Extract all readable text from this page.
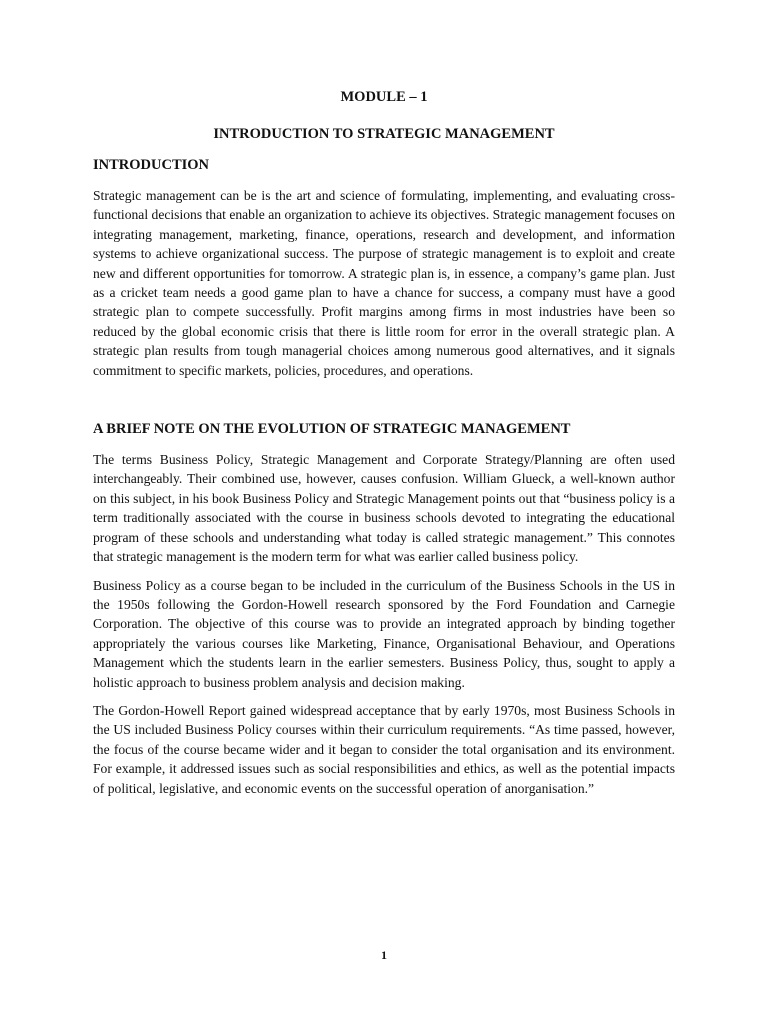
MODULE – 1
INTRODUCTION TO STRATEGIC MANAGEMENT
INTRODUCTION

Strategic management can be is the art and science of formulating, implementing, and evaluating cross-functional decisions that enable an organization to achieve its objectives. Strategic management focuses on integrating management, marketing, finance, operations, research and development, and information systems to achieve organizational success. The purpose of strategic management is to exploit and create new and different opportunities for tomorrow. A strategic plan is, in essence, a company’s game plan. Just as a cricket team needs a good game plan to have a chance for success, a company must have a good strategic plan to compete successfully. Profit margins among firms in most industries have been so reduced by the global economic crisis that there is little room for error in the overall strategic plan. A strategic plan results from tough managerial choices among numerous good alternatives, and it signals commitment to specific markets, policies, procedures, and operations.

A BRIEF NOTE ON THE EVOLUTION OF STRATEGIC MANAGEMENT

The terms Business Policy, Strategic Management and Corporate Strategy/Planning are often used interchangeably. Their combined use, however, causes confusion. William Glueck, a well-known author on this subject, in his book Business Policy and Strategic Management points out that “business policy is a term traditionally associated with the course in business schools devoted to integrating the educational program of these schools and understanding what today is called strategic management.” This connotes that strategic management is the modern term for what was earlier called business policy.

Business Policy as a course began to be included in the curriculum of the Business Schools in the US in the 1950s following the Gordon-Howell research sponsored by the Ford Foundation and Carnegie Corporation. The objective of this course was to provide an integrated approach by binding together appropriately the various courses like Marketing, Finance, Organisational Behaviour, and Operations Management which the students learn in the earlier semesters. Business Policy, thus, sought to apply a holistic approach to business problem analysis and decision making.

The Gordon-Howell Report gained widespread acceptance that by early 1970s, most Business Schools in the US included Business Policy courses within their curriculum requirements. “As time passed, however, the focus of the course became wider and it began to consider the total organisation and its environment. For example, it addressed issues such as social responsibilities and ethics, as well as the potential impacts of political, legislative, and economic events on the successful operation of anorganisation.”

1
